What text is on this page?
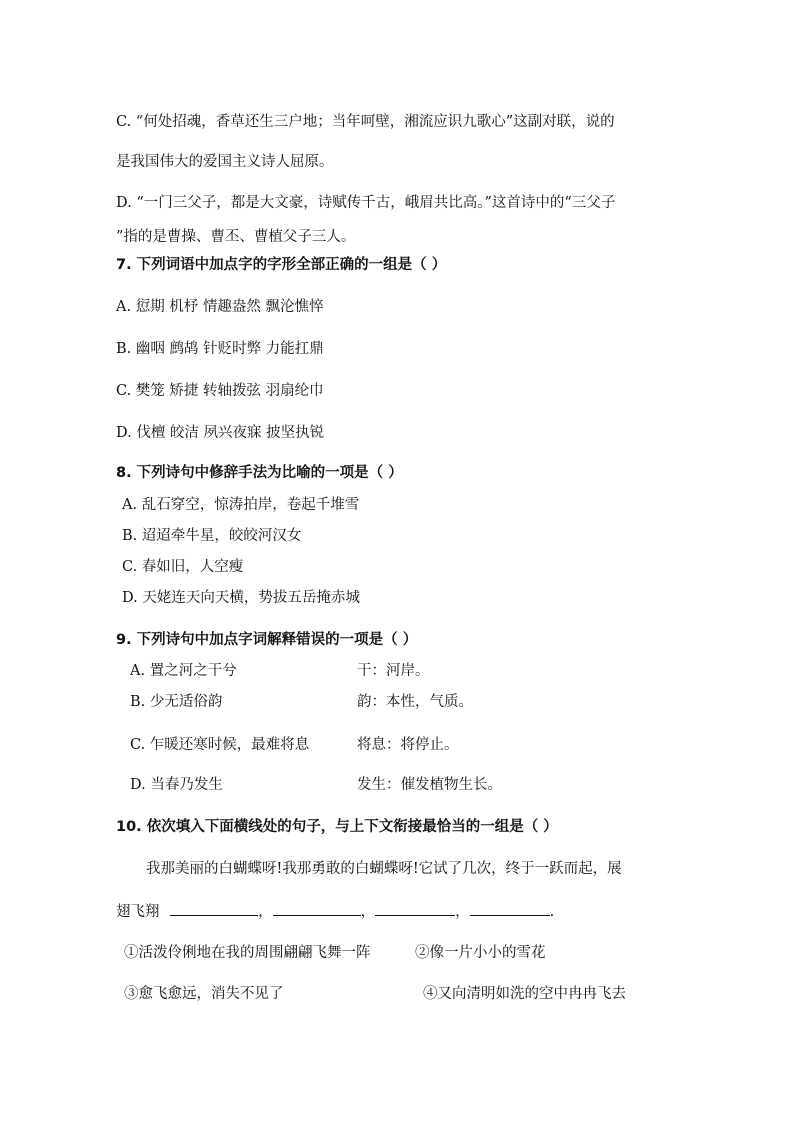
C. “何处招魂，香草还生三户地；当年呵壁，湘流应识九歌心”这副对联，说的
是我国伟大的爱国主义诗人屈原。
D. “一门三父子，都是大文豪，诗赋传千古，峨眉共比高。”这首诗中的“三父子
”指的是曹操、曹丕、曹植父子三人。
7. 下列词语中加点字的字形全部正确的一组是（ ）
A. 愆期 机杼 情趣盎然 飘沦憔悴
B. 幽咽 鹧鸪 针贬时弊 力能扛鼎
C. 樊笼 矫捷 转轴拨弦 羽扇纶巾
D. 伐檀 皎洁 夙兴夜寐 披坚执锐
8. 下列诗句中修辞手法为比喻的一项是（ ）
A. 乱石穿空，惊涛拍岸，卷起千堆雪
B. 迢迢牵牛星，皎皎河汉女
C. 春如旧，人空瘦
D. 天姥连天向天横，势拔五岳掩赤城
9. 下列诗句中加点字词解释错误的一项是（ ）
A. 置之河之干兮	干：河岸。
B. 少无适俗韵	韵：本性，气质。
C. 乍暖还寒时候，最难将息	将息：将停止。
D. 当春乃发生	发生：催发植物生长。
10. 依次填入下面横线处的句子，与上下文衔接最恰当的一组是（ ）
我那美丽的白蝴蝶呀!我那勇敢的白蝴蝶呀!它试了几次，终于一跃而起，展
翅飞翔	，	，	，	.
①活泼伶俐地在我的周围翩翩飞舞一阵	②像一片小小的雪花
③愈飞愈远，消失不见了	④又向清明如洗的空中冉冉飞去
